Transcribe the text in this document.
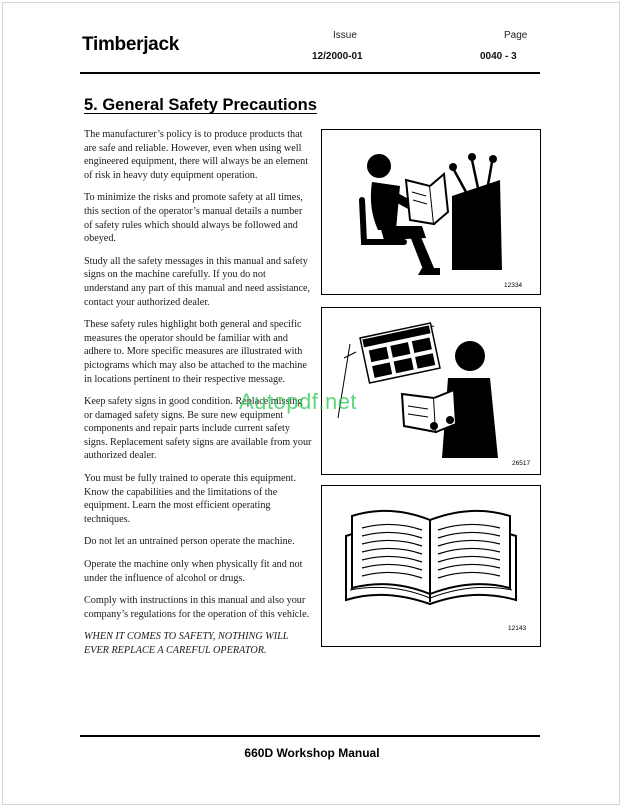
Timberjack	Issue	Page
12/2000-01	0040 - 3
5. General Safety Precautions

The manufacturer’s policy is to produce products that are safe and reliable. However, even when using well engineered equipment, there will always be an element of risk in heavy duty equipment operation.

To minimize the risks and promote safety at all times, this section of the operator’s manual details a number of safety rules which should always be followed and obeyed.

Study all the safety messages in this manual and safety signs on the machine carefully. If you do not understand any part of this manual and need assistance, contact your authorized dealer.

These safety rules highlight both general and specific measures the operator should be familiar with and adhere to. More specific measures are illustrated with pictograms which may also be attached to the machine in locations pertinent to their respective message.

Keep safety signs in good condition. Replace missing or damaged safety signs. Be sure new equipment components and repair parts include current safety signs. Replacement safety signs are available from your authorized dealer.

You must be fully trained to operate this equipment. Know the capabilities and the limitations of the equipment. Learn the most efficient operating techniques.

Do not let an untrained person operate the machine.

Operate the machine only when physically fit and not under the influence of alcohol or drugs.

Comply with instructions in this manual and also your company’s regulations for the operation of this vehicle.

WHEN IT COMES TO SAFETY, NOTHING WILL EVER REPLACE A CAREFUL OPERATOR.

12334
26517
12143
Autopdf.net
660D Workshop Manual
